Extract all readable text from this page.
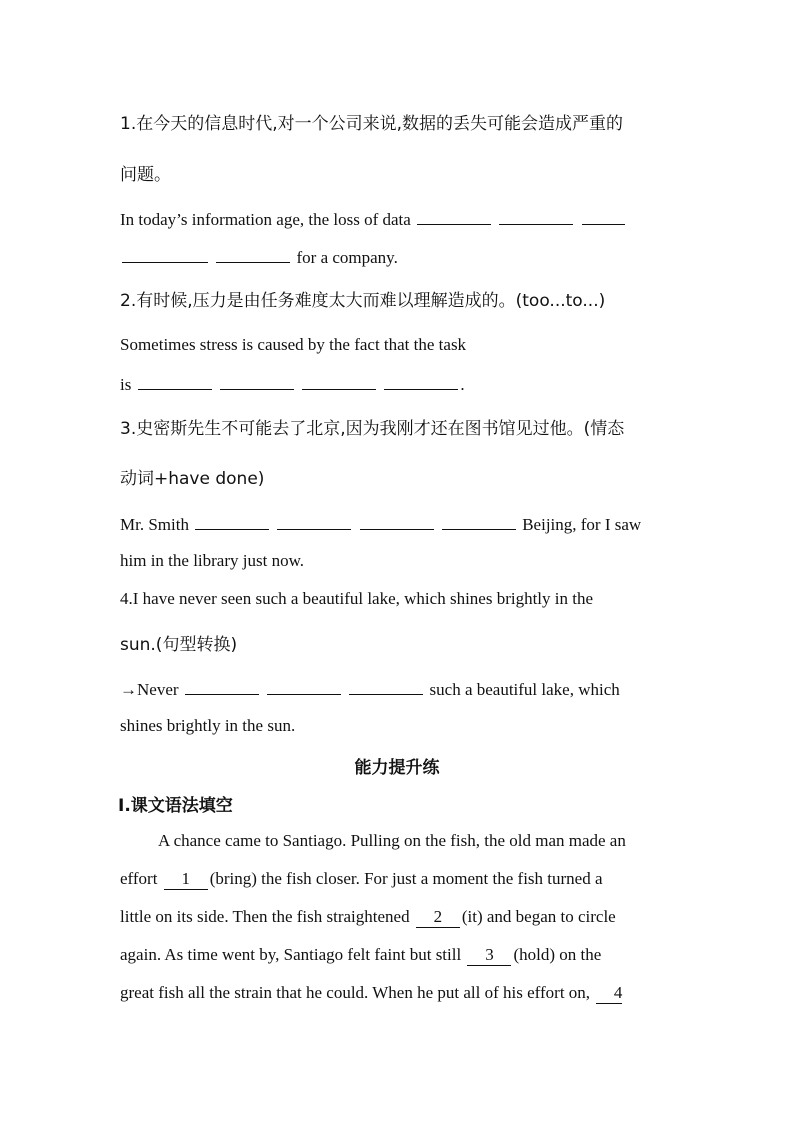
1.在今天的信息时代,对一个公司来说,数据的丢失可能会造成严重的
问题。
In today’s information age, the loss of data
for a company.
2.有时候,压力是由任务难度太大而难以理解造成的。(too...to...)
Sometimes stress is caused by the fact that the task
is	.
3.史密斯先生不可能去了北京,因为我刚才还在图书馆见过他。(情态
动词+have done)
Mr. Smith	Beijing, for I saw
him in the library just now.
4.I have never seen such a beautiful lake, which shines brightly in the
sun.(句型转换)
→Never	such a beautiful lake, which
shines brightly in the sun.
能力提升练
Ⅰ.课文语法填空
A chance came to Santiago. Pulling on the fish, the old man made an
effort 1 (bring) the fish closer. For just a moment the fish turned a
little on its side. Then the fish straightened 2 (it) and began to circle
again. As time went by, Santiago felt faint but still 3 (hold) on the
great fish all the strain that he could. When he put all of his effort on, 4
